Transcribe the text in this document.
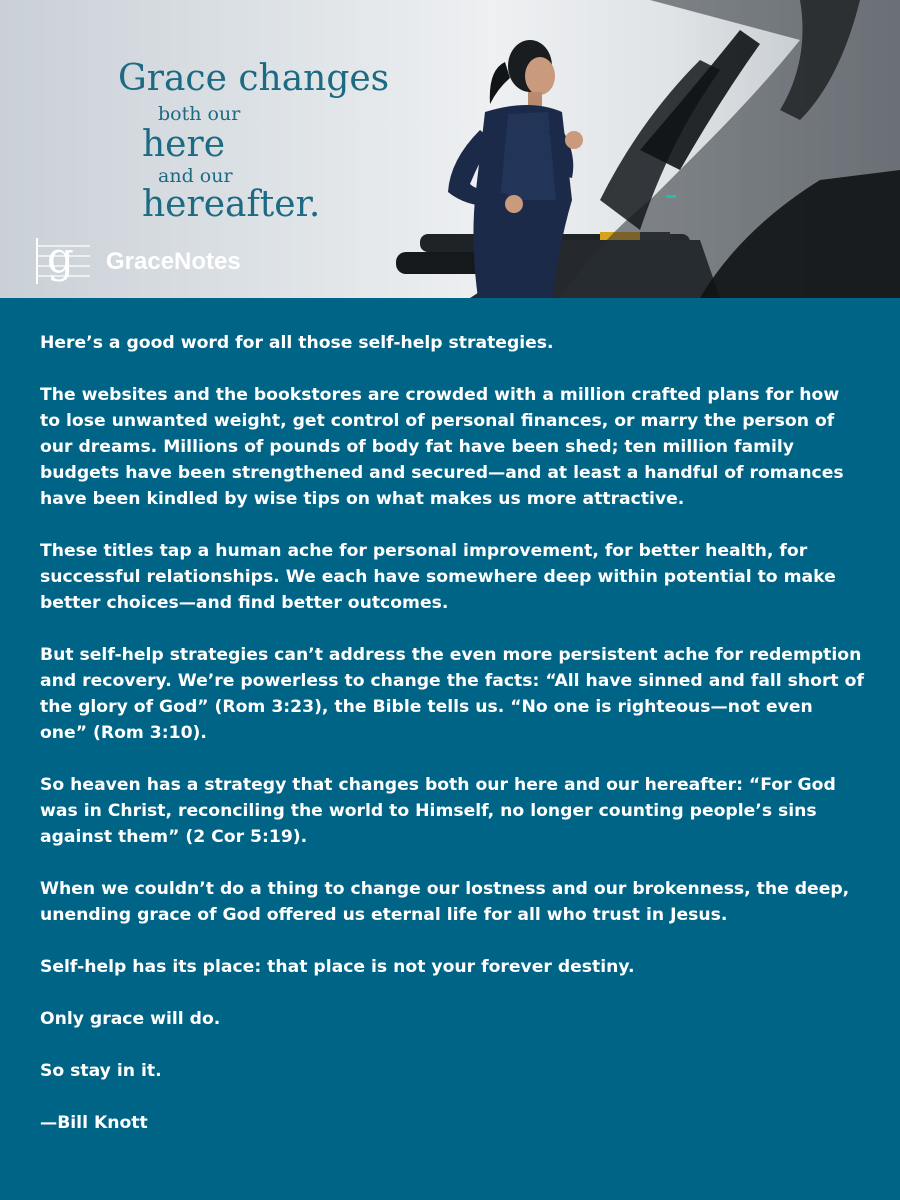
Grace changes
both our
here
and our
hereafter.
g GraceNotes

Here’s a good word for all those self-help strategies.

The websites and the bookstores are crowded with a million crafted plans for how to lose unwanted weight, get control of personal finances, or marry the person of our dreams. Millions of pounds of body fat have been shed; ten million family budgets have been strengthened and secured—and at least a handful of romances have been kindled by wise tips on what makes us more attractive.

These titles tap a human ache for personal improvement, for better health, for successful relationships. We each have somewhere deep within potential to make better choices—and find better outcomes.

But self-help strategies can’t address the even more persistent ache for redemption and recovery. We’re powerless to change the facts: “All have sinned and fall short of the glory of God” (Rom 3:23), the Bible tells us. “No one is righteous—not even one” (Rom 3:10).

So heaven has a strategy that changes both our here and our hereafter: “For God was in Christ, reconciling the world to Himself, no longer counting people’s sins against them” (2 Cor 5:19).

When we couldn’t do a thing to change our lostness and our brokenness, the deep, unending grace of God offered us eternal life for all who trust in Jesus.

Self-help has its place: that place is not your forever destiny.

Only grace will do.

So stay in it.

—Bill Knott
